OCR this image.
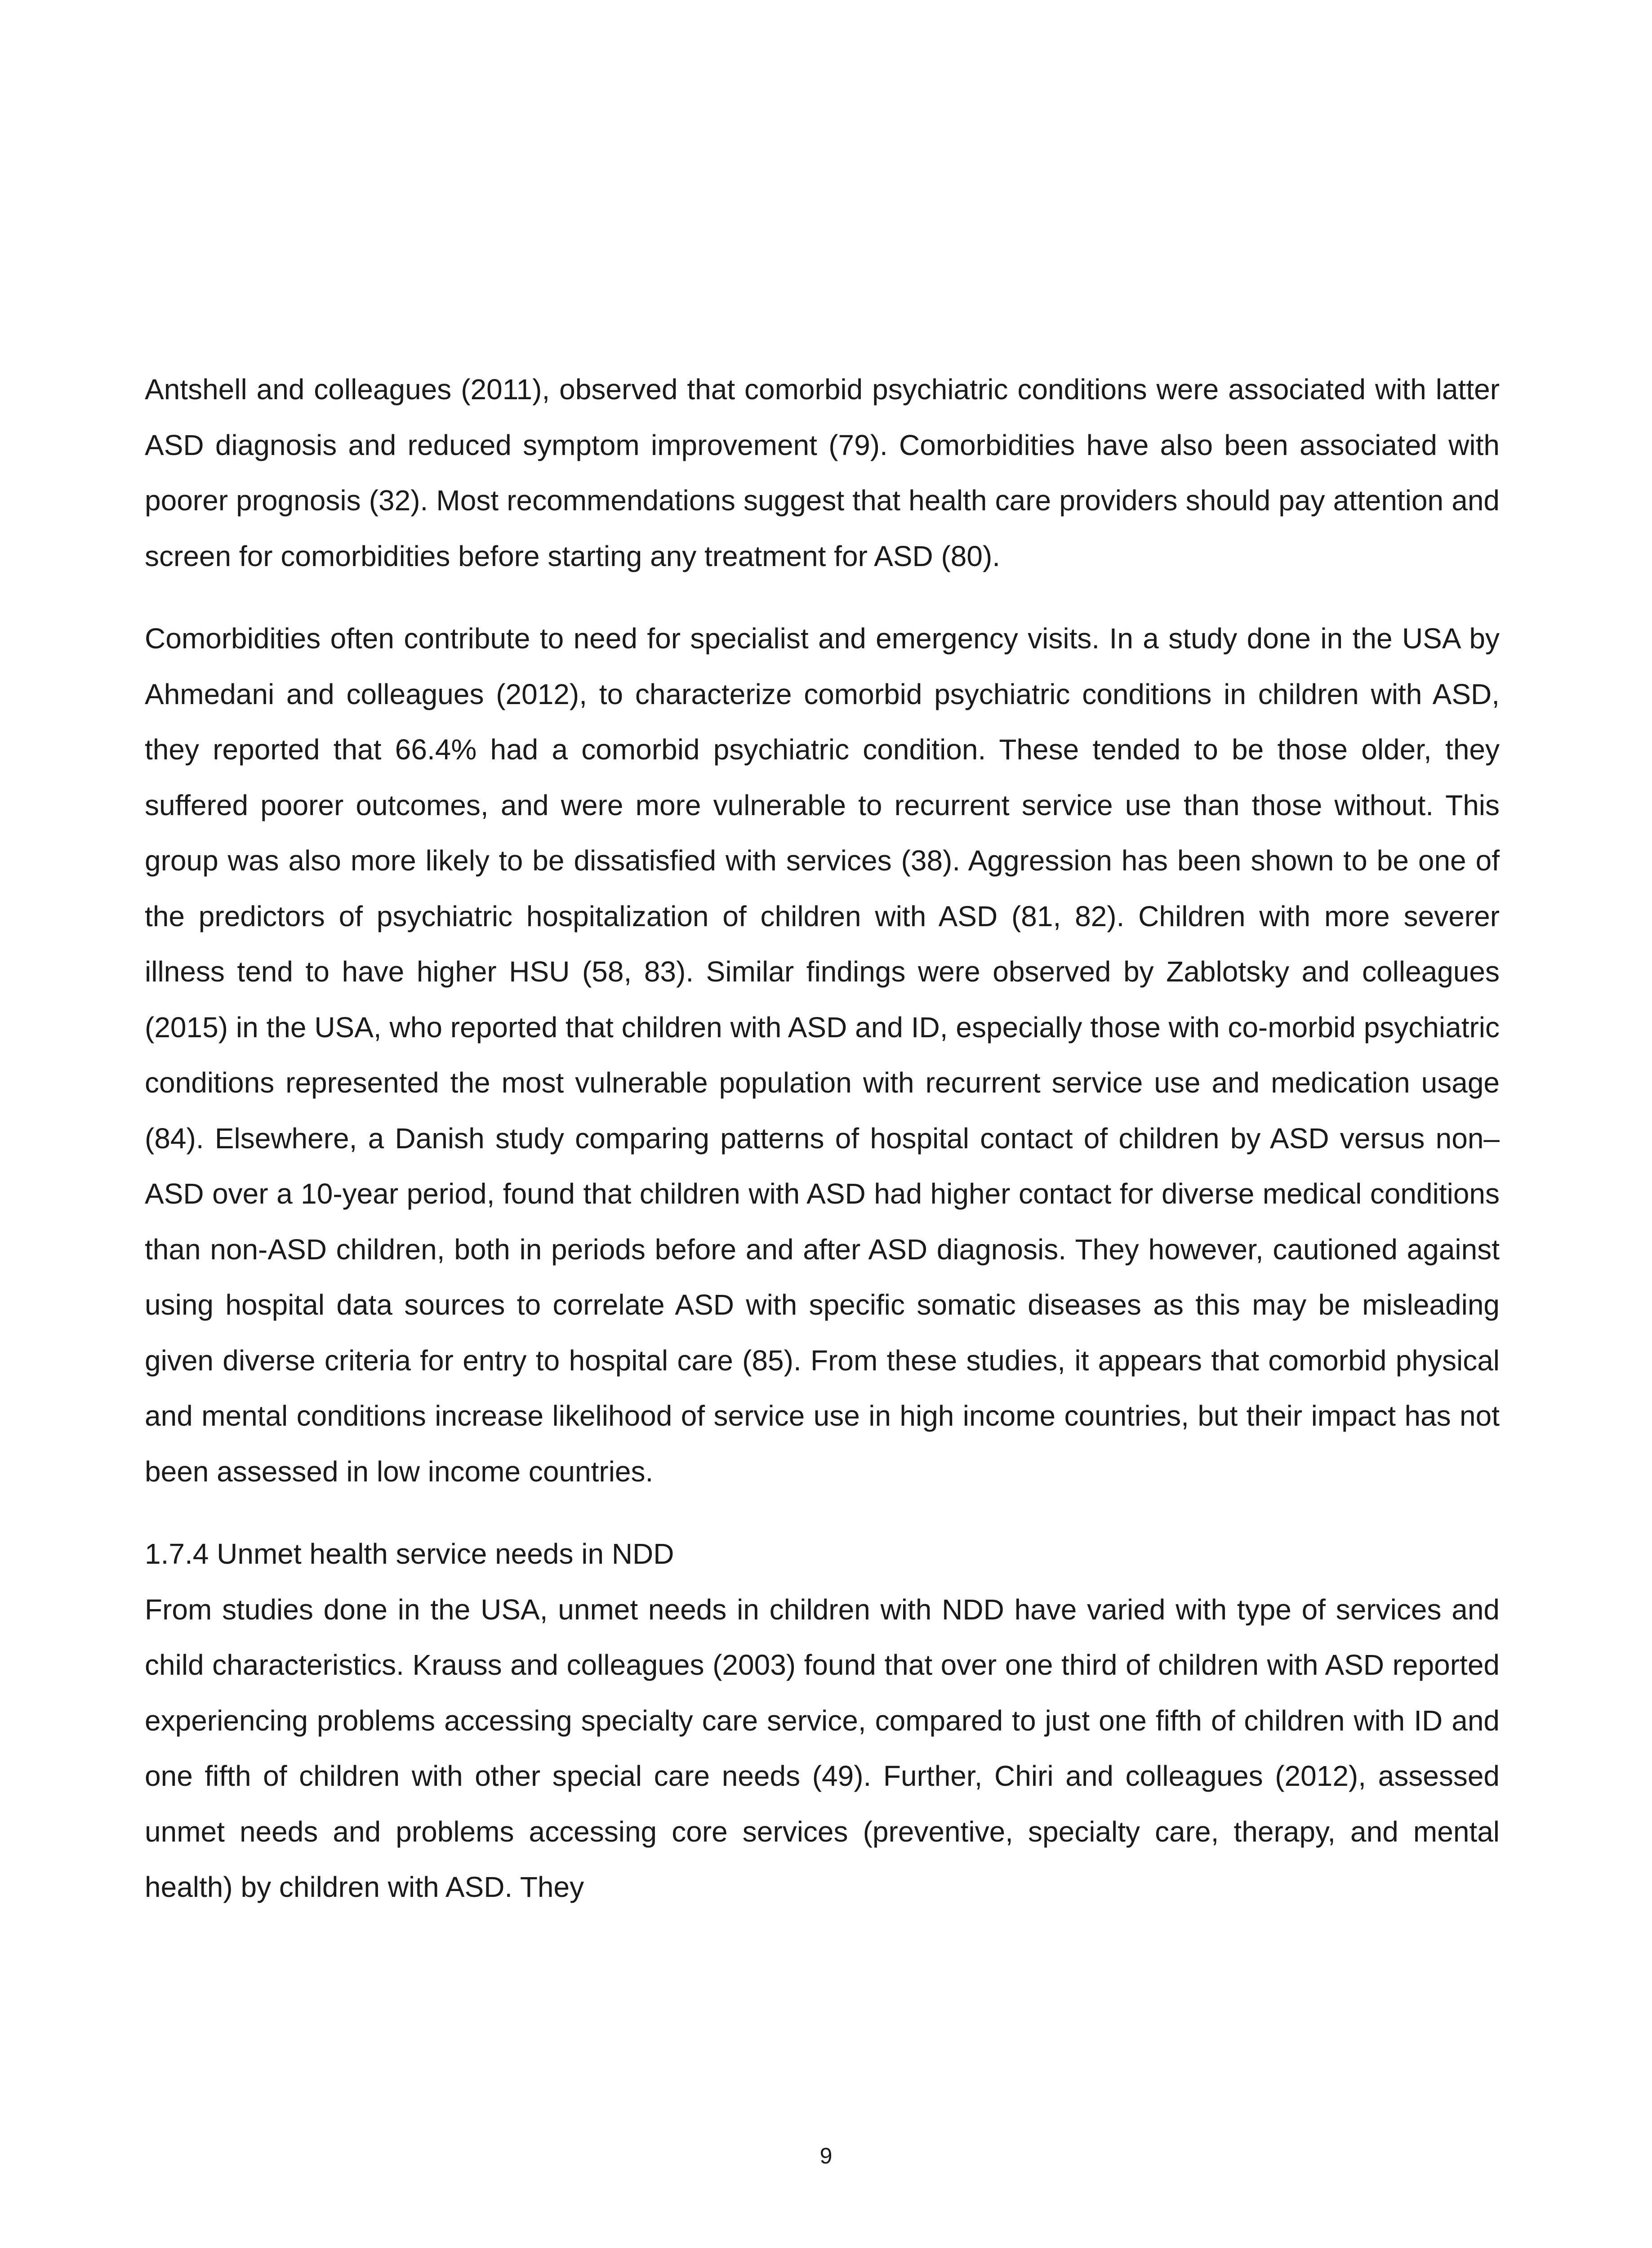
Antshell and colleagues (2011), observed that comorbid psychiatric conditions were associated with latter ASD diagnosis and reduced symptom improvement (79). Comorbidities have also been associated with poorer prognosis (32). Most recommendations suggest that health care providers should pay attention and screen for comorbidities before starting any treatment for ASD (80).

Comorbidities often contribute to need for specialist and emergency visits. In a study done in the USA by Ahmedani and colleagues (2012), to characterize comorbid psychiatric conditions in children with ASD, they reported that 66.4% had a comorbid psychiatric condition. These tended to be those older, they suffered poorer outcomes, and were more vulnerable to recurrent service use than those without. This group was also more likely to be dissatisfied with services (38). Aggression has been shown to be one of the predictors of psychiatric hospitalization of children with ASD (81, 82). Children with more severer illness tend to have higher HSU (58, 83). Similar findings were observed by Zablotsky and colleagues (2015) in the USA, who reported that children with ASD and ID, especially those with co-morbid psychiatric conditions represented the most vulnerable population with recurrent service use and medication usage (84). Elsewhere, a Danish study comparing patterns of hospital contact of children by ASD versus non–ASD over a 10-year period, found that children with ASD had higher contact for diverse medical conditions than non-ASD children, both in periods before and after ASD diagnosis. They however, cautioned against using hospital data sources to correlate ASD with specific somatic diseases as this may be misleading given diverse criteria for entry to hospital care (85). From these studies, it appears that comorbid physical and mental conditions increase likelihood of service use in high income countries, but their impact has not been assessed in low income countries.

1.7.4 Unmet health service needs in NDD

From studies done in the USA, unmet needs in children with NDD have varied with type of services and child characteristics. Krauss and colleagues (2003) found that over one third of children with ASD reported experiencing problems accessing specialty care service, compared to just one fifth of children with ID and one fifth of children with other special care needs (49). Further, Chiri and colleagues (2012), assessed unmet needs and problems accessing core services (preventive, specialty care, therapy, and mental health) by children with ASD. They

9
